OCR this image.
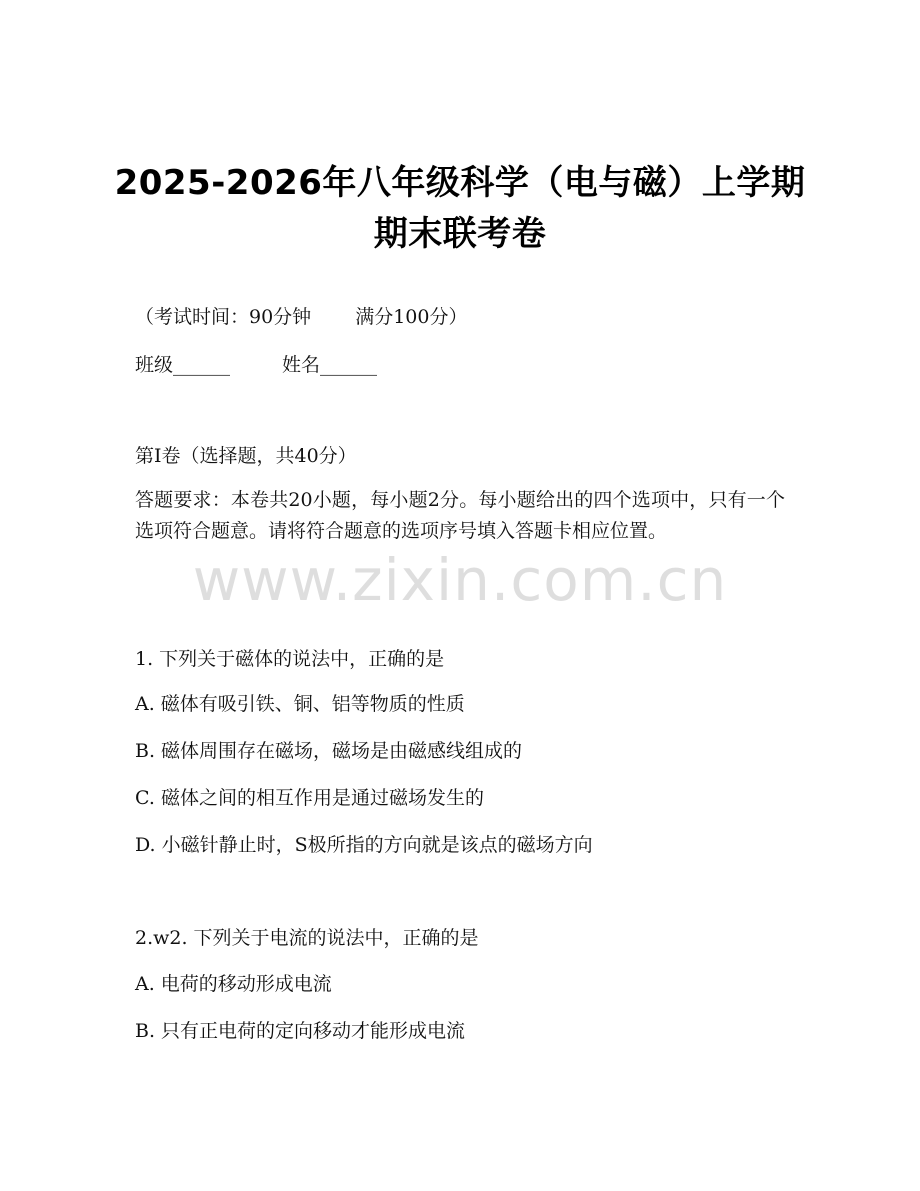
2025-2026年八年级科学（电与磁）上学期
期末联考卷
（考试时间：90分钟 满分100分）
班级______	姓名______
第I卷（选择题，共40分）
答题要求：本卷共20小题，每小题2分。每小题给出的四个选项中，只有一个选项符合题意。请将符合题意的选项序号填入答题卡相应位置。
www.zixin.com.cn
1. 下列关于磁体的说法中，正确的是
A. 磁体有吸引铁、铜、铝等物质的性质
B. 磁体周围存在磁场，磁场是由磁感线组成的
C. 磁体之间的相互作用是通过磁场发生的
D. 小磁针静止时，S极所指的方向就是该点的磁场方向
2.w2. 下列关于电流的说法中，正确的是
A. 电荷的移动形成电流
B. 只有正电荷的定向移动才能形成电流
